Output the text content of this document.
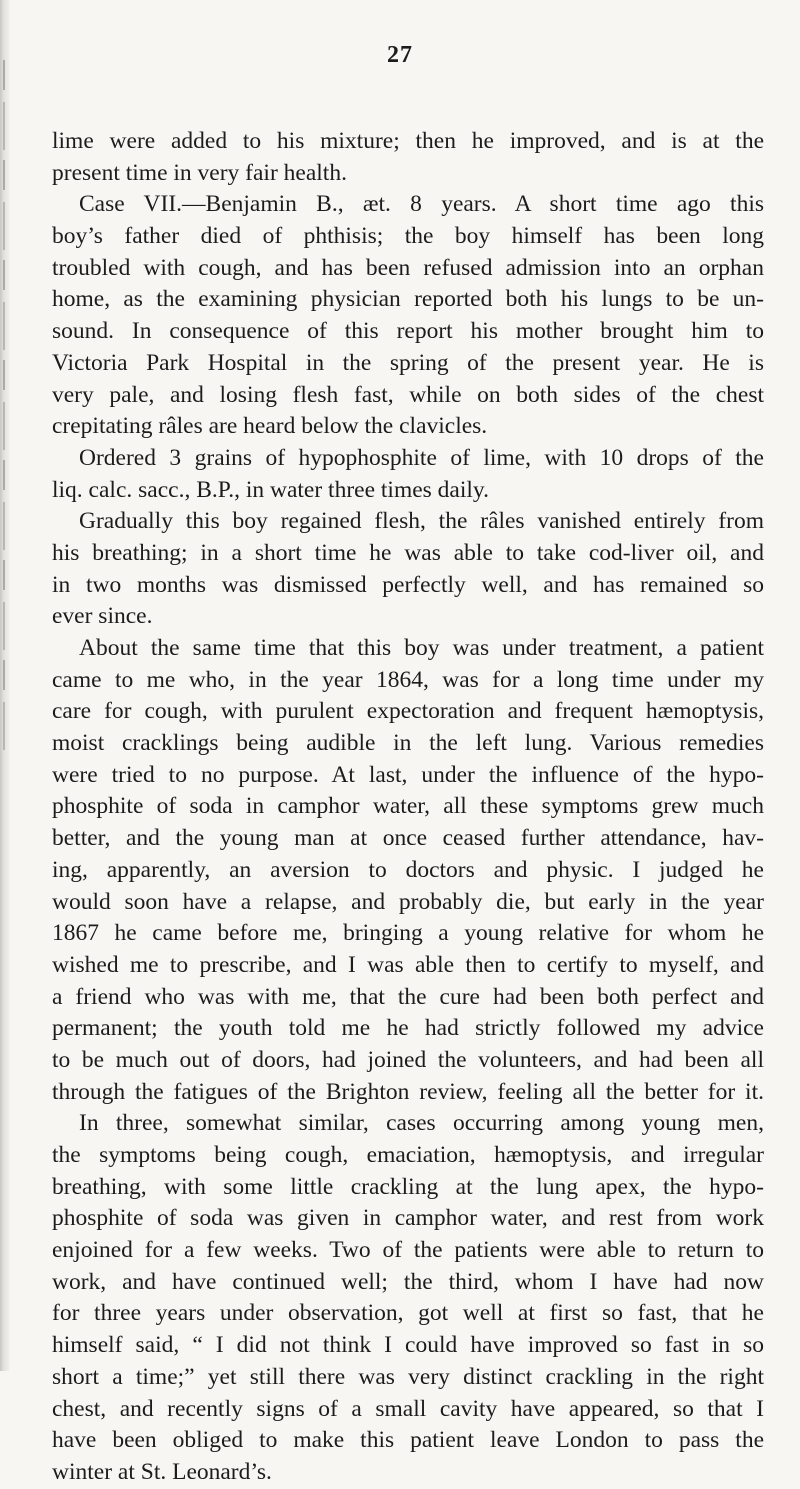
27
lime were added to his mixture; then he improved, and is at the
present time in very fair health.
Case VII.—Benjamin B., æt. 8 years. A short time ago this
boy’s father died of phthisis; the boy himself has been long
troubled with cough, and has been refused admission into an orphan
home, as the examining physician reported both his lungs to be un-
sound. In consequence of this report his mother brought him to
Victoria Park Hospital in the spring of the present year. He is
very pale, and losing flesh fast, while on both sides of the chest
crepitating râles are heard below the clavicles.
Ordered 3 grains of hypophosphite of lime, with 10 drops of the
liq. calc. sacc., B.P., in water three times daily.
Gradually this boy regained flesh, the râles vanished entirely from
his breathing; in a short time he was able to take cod-liver oil, and
in two months was dismissed perfectly well, and has remained so
ever since.
About the same time that this boy was under treatment, a patient
came to me who, in the year 1864, was for a long time under my
care for cough, with purulent expectoration and frequent hæmoptysis,
moist cracklings being audible in the left lung. Various remedies
were tried to no purpose. At last, under the influence of the hypo-
phosphite of soda in camphor water, all these symptoms grew much
better, and the young man at once ceased further attendance, hav-
ing, apparently, an aversion to doctors and physic. I judged he
would soon have a relapse, and probably die, but early in the year
1867 he came before me, bringing a young relative for whom he
wished me to prescribe, and I was able then to certify to myself, and
a friend who was with me, that the cure had been both perfect and
permanent; the youth told me he had strictly followed my advice
to be much out of doors, had joined the volunteers, and had been all
through the fatigues of the Brighton review, feeling all the better for it.
In three, somewhat similar, cases occurring among young men,
the symptoms being cough, emaciation, hæmoptysis, and irregular
breathing, with some little crackling at the lung apex, the hypo-
phosphite of soda was given in camphor water, and rest from work
enjoined for a few weeks. Two of the patients were able to return to
work, and have continued well; the third, whom I have had now
for three years under observation, got well at first so fast, that he
himself said, “ I did not think I could have improved so fast in so
short a time;” yet still there was very distinct crackling in the right
chest, and recently signs of a small cavity have appeared, so that I
have been obliged to make this patient leave London to pass the
winter at St. Leonard’s.
